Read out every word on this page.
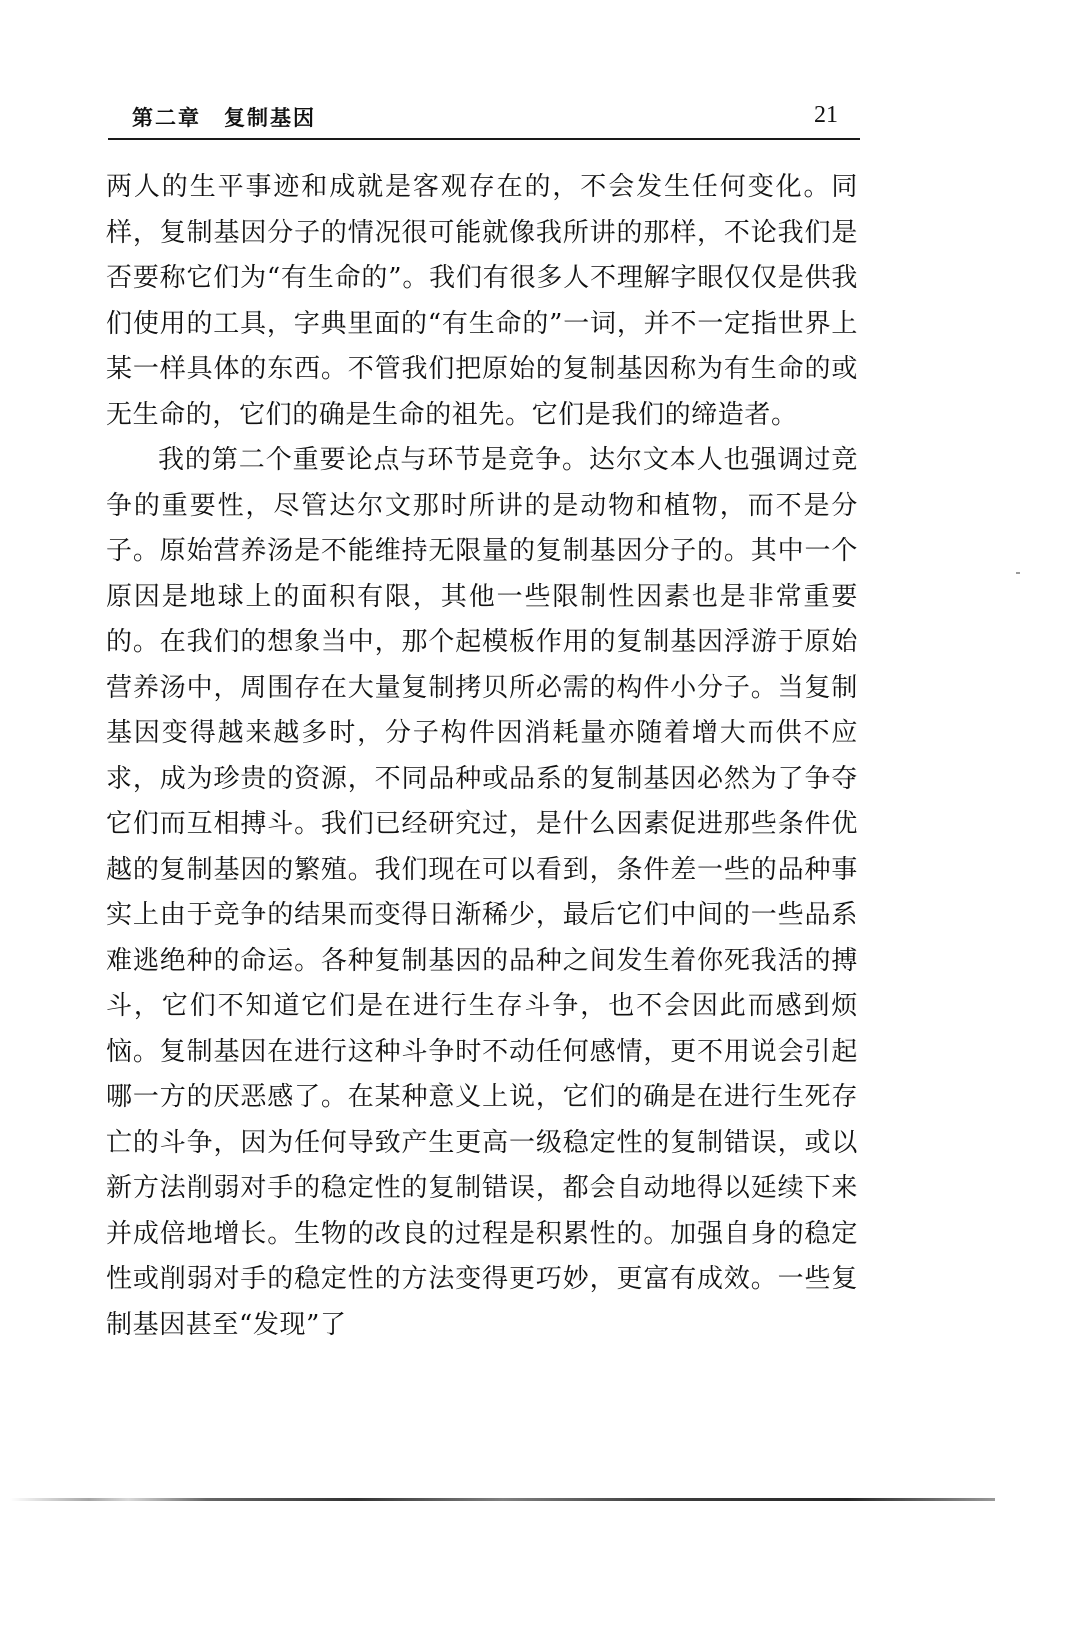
第二章　复制基因	21

两人的生平事迹和成就是客观存在的，不会发生任何变化。同样，复制基因分子的情况很可能就像我所讲的那样，不论我们是否要称它们为“有生命的”。我们有很多人不理解字眼仅仅是供我们使用的工具，字典里面的“有生命的”一词，并不一定指世界上某一样具体的东西。不管我们把原始的复制基因称为有生命的或无生命的，它们的确是生命的祖先。它们是我们的缔造者。

我的第二个重要论点与环节是竞争。达尔文本人也强调过竞争的重要性，尽管达尔文那时所讲的是动物和植物，而不是分子。原始营养汤是不能维持无限量的复制基因分子的。其中一个原因是地球上的面积有限，其他一些限制性因素也是非常重要的。在我们的想象当中，那个起模板作用的复制基因浮游于原始营养汤中，周围存在大量复制拷贝所必需的构件小分子。当复制基因变得越来越多时，分子构件因消耗量亦随着增大而供不应求，成为珍贵的资源，不同品种或品系的复制基因必然为了争夺它们而互相搏斗。我们已经研究过，是什么因素促进那些条件优越的复制基因的繁殖。我们现在可以看到，条件差一些的品种事实上由于竞争的结果而变得日渐稀少，最后它们中间的一些品系难逃绝种的命运。各种复制基因的品种之间发生着你死我活的搏斗，它们不知道它们是在进行生存斗争，也不会因此而感到烦恼。复制基因在进行这种斗争时不动任何感情，更不用说会引起哪一方的厌恶感了。在某种意义上说，它们的确是在进行生死存亡的斗争，因为任何导致产生更高一级稳定性的复制错误，或以新方法削弱对手的稳定性的复制错误，都会自动地得以延续下来并成倍地增长。生物的改良的过程是积累性的。加强自身的稳定性或削弱对手的稳定性的方法变得更巧妙，更富有成效。一些复制基因甚至“发现”了
